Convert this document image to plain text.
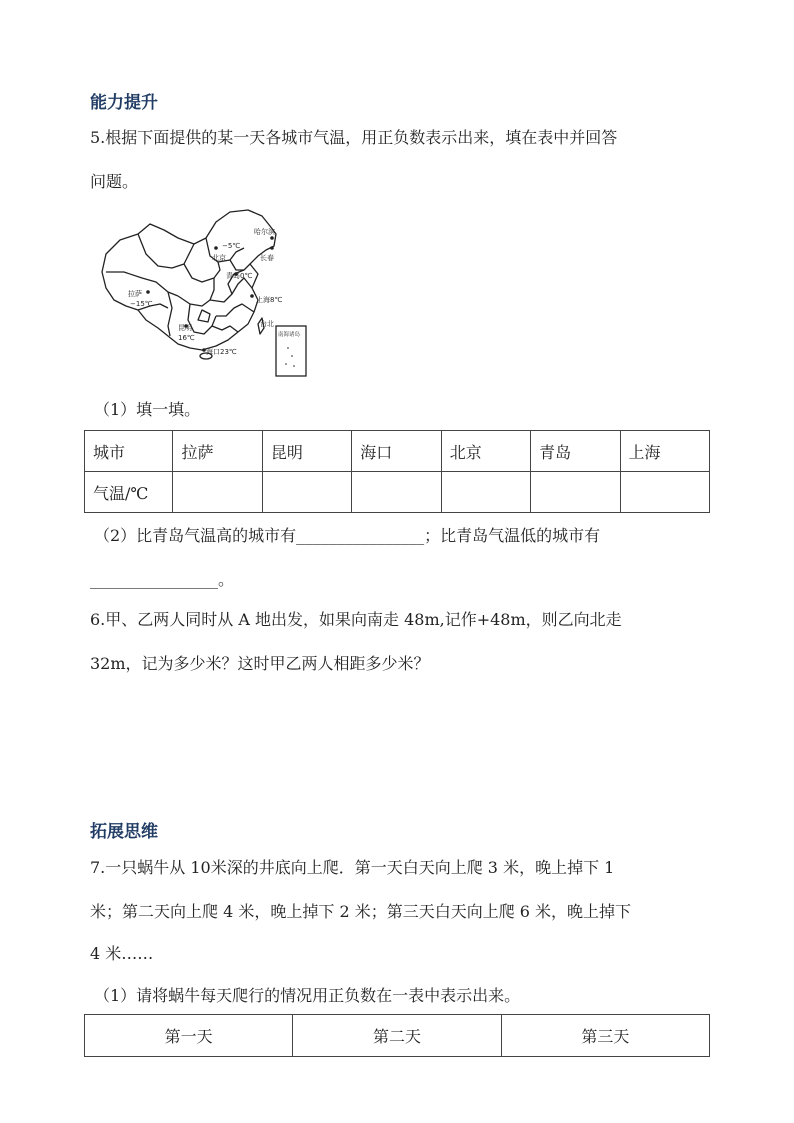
能力提升
5.根据下面提供的某一天各城市气温，用正负数表示出来，填在表中并回答
问题。
哈尔滨
−5℃
长春
北京
青岛0℃
拉萨
−15℃	上海8℃
台北
昆明
16℃
海口23℃
南海诸岛
（1）填一填。
城市	拉萨	昆明	海口	北京	青岛	上海
气温/℃						
（2）比青岛气温高的城市有________________；比青岛气温低的城市有
________________。
6.甲、乙两人同时从 A 地出发，如果向南走 48m,记作+48m，则乙向北走
32m，记为多少米？这时甲乙两人相距多少米？
拓展思维
7.一只蜗牛从 10米深的井底向上爬．第一天白天向上爬 3 米，晚上掉下 1
米；第二天向上爬 4 米，晚上掉下 2 米；第三天白天向上爬 6 米，晚上掉下
4 米……
（1）请将蜗牛每天爬行的情况用正负数在一表中表示出来。
第一天	第二天	第三天
